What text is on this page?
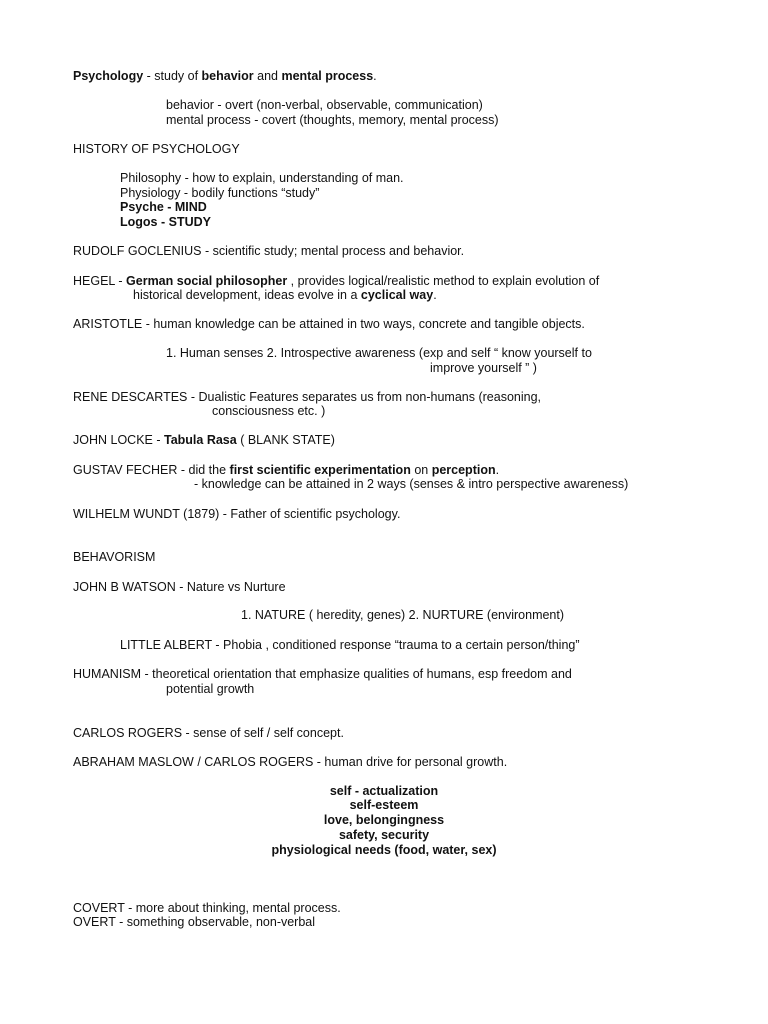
Psychology - study of behavior and mental process.
behavior - overt (non-verbal, observable, communication)
mental process - covert (thoughts, memory, mental process)
HISTORY OF PSYCHOLOGY
Philosophy - how to explain, understanding of man.
Physiology - bodily functions “study”
Psyche - MIND
Logos - STUDY
RUDOLF GOCLENIUS - scientific study; mental process and behavior.
HEGEL - German social philosopher , provides logical/realistic method to explain evolution of
historical development, ideas evolve in a cyclical way.
ARISTOTLE - human knowledge can be attained in two ways, concrete and tangible objects.
1. Human senses 2. Introspective awareness (exp and self “ know yourself to
improve yourself ” )
RENE DESCARTES - Dualistic Features separates us from non-humans (reasoning,
consciousness etc. )
JOHN LOCKE - Tabula Rasa ( BLANK STATE)
GUSTAV FECHER - did the first scientific experimentation on perception.
- knowledge can be attained in 2 ways (senses & intro perspective awareness)
WILHELM WUNDT (1879) - Father of scientific psychology.
BEHAVORISM
JOHN B WATSON - Nature vs Nurture
1. NATURE ( heredity, genes) 2. NURTURE (environment)
LITTLE ALBERT - Phobia , conditioned response “trauma to a certain person/thing”
HUMANISM - theoretical orientation that emphasize qualities of humans, esp freedom and
potential growth
CARLOS ROGERS - sense of self / self concept.
ABRAHAM MASLOW / CARLOS ROGERS - human drive for personal growth.
self - actualization
self-esteem
love, belongingness
safety, security
physiological needs (food, water, sex)
COVERT - more about thinking, mental process.
OVERT - something observable, non-verbal
